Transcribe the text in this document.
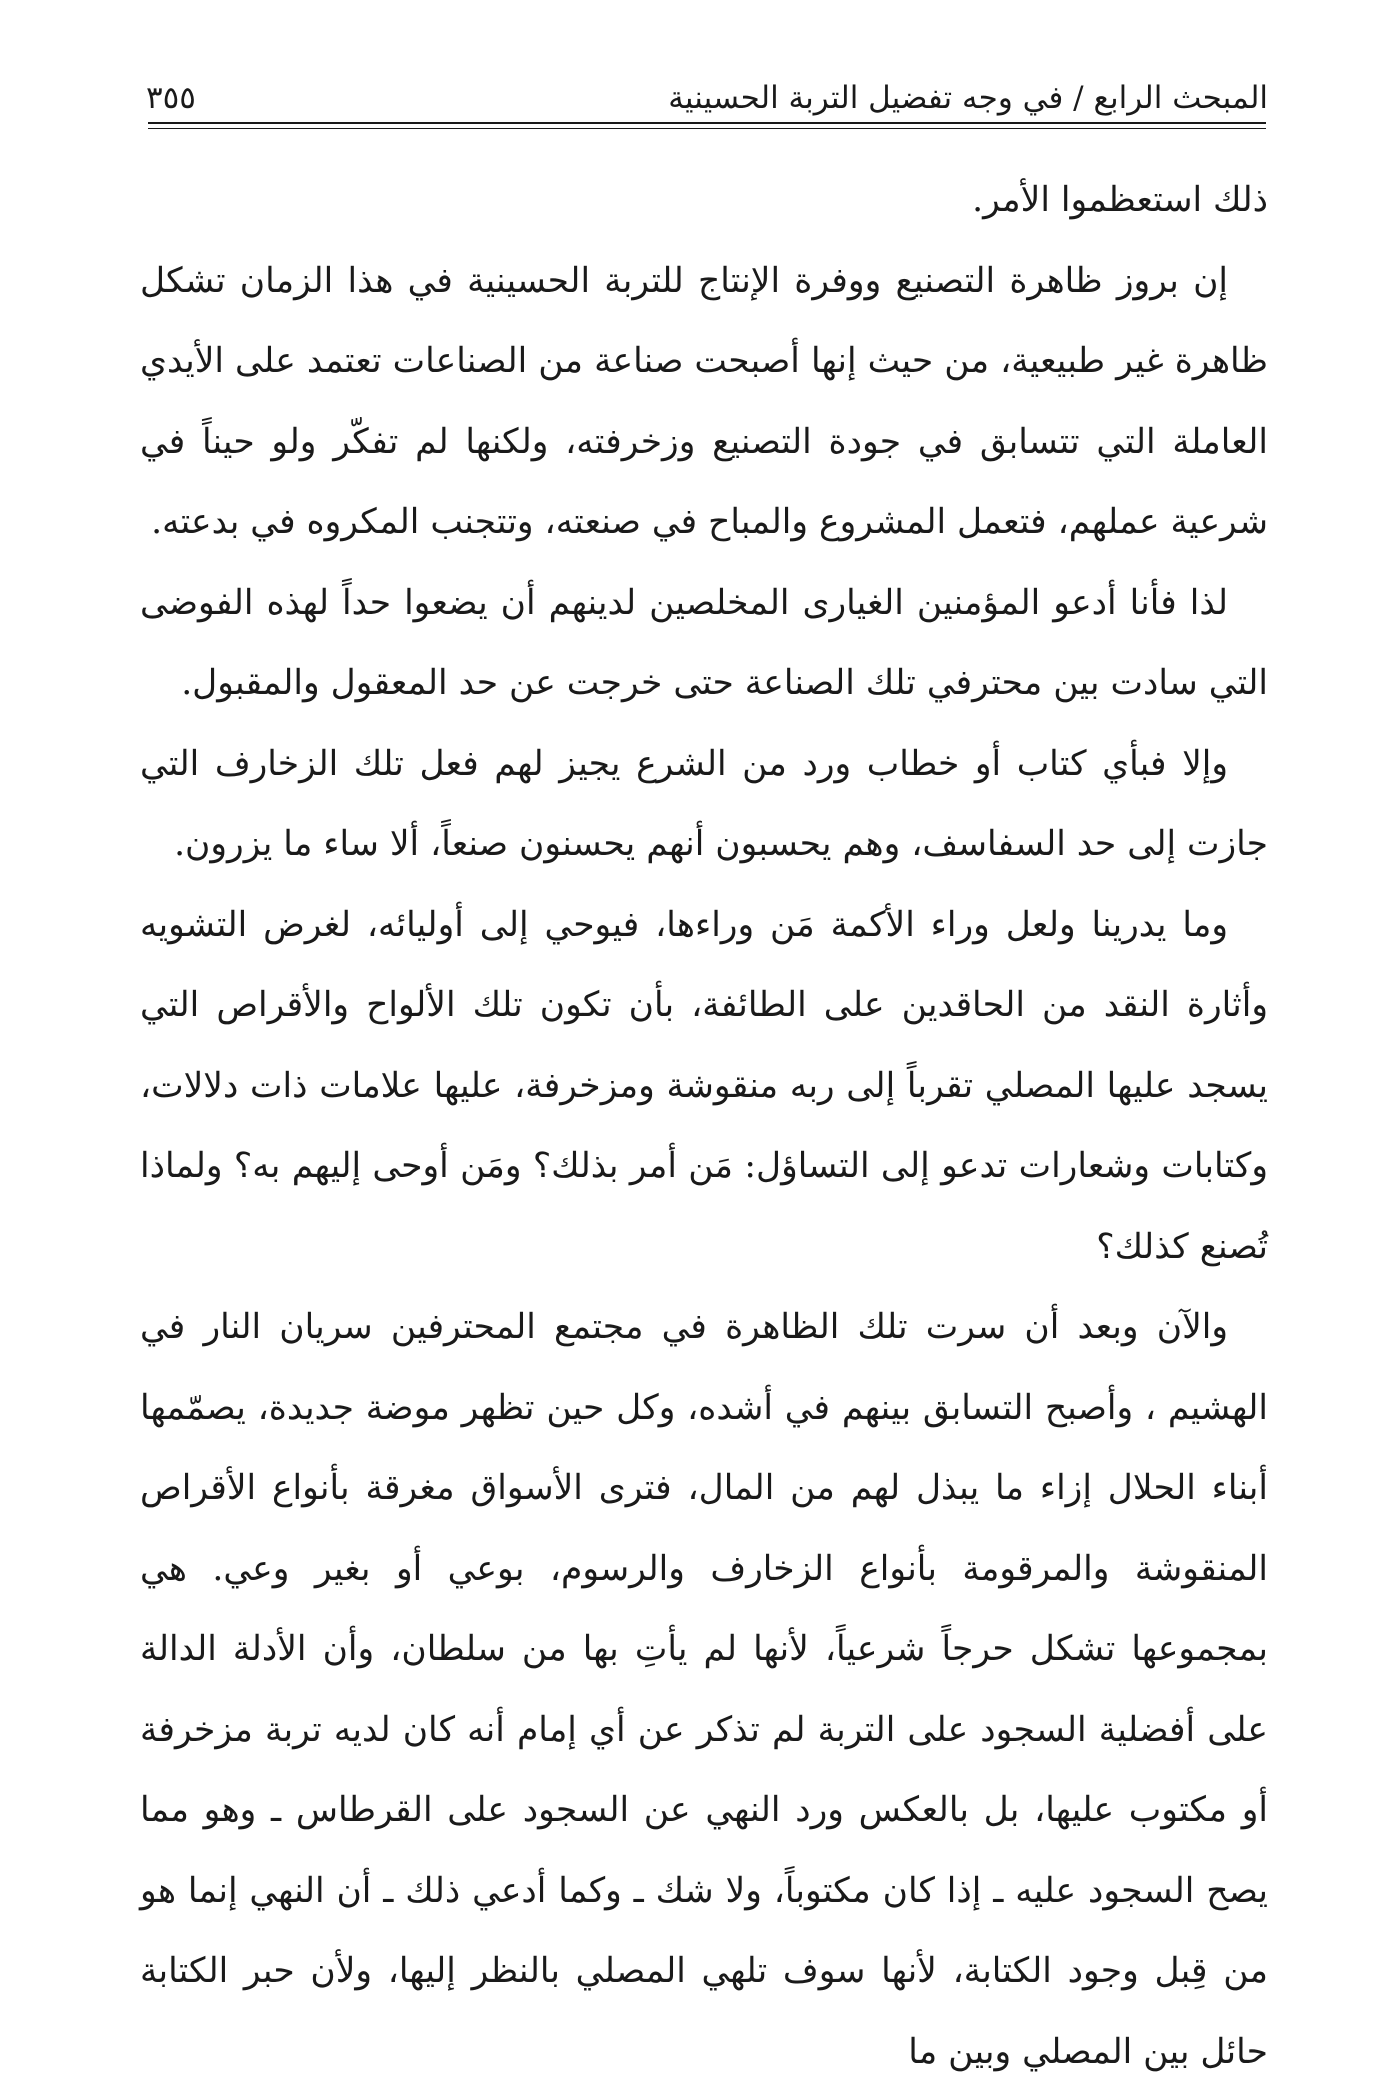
المبحث الرابع / في وجه تفضيل التربة الحسينية
٣٥٥

ذلك استعظموا الأمر.

إن بروز ظاهرة التصنيع ووفرة الإنتاج للتربة الحسينية في هذا الزمان تشكل ظاهرة غير طبيعية، من حيث إنها أصبحت صناعة من الصناعات تعتمد على الأيدي العاملة التي تتسابق في جودة التصنيع وزخرفته، ولكنها لم تفكّر ولو حيناً في شرعية عملهم، فتعمل المشروع والمباح في صنعته، وتتجنب المكروه في بدعته.

لذا فأنا أدعو المؤمنين الغيارى المخلصين لدينهم أن يضعوا حداً لهذه الفوضى التي سادت بين محترفي تلك الصناعة حتى خرجت عن حد المعقول والمقبول.

وإلا فبأي كتاب أو خطاب ورد من الشرع يجيز لهم فعل تلك الزخارف التي جازت إلى حد السفاسف، وهم يحسبون أنهم يحسنون صنعاً، ألا ساء ما يزرون.

وما يدرينا ولعل وراء الأكمة مَن وراءها، فيوحي إلى أوليائه، لغرض التشويه وأثارة النقد من الحاقدين على الطائفة، بأن تكون تلك الألواح والأقراص التي يسجد عليها المصلي تقرباً إلى ربه منقوشة ومزخرفة، عليها علامات ذات دلالات، وكتابات وشعارات تدعو إلى التساؤل: مَن أمر بذلك؟ ومَن أوحى إليهم به؟ ولماذا تُصنع كذلك؟

والآن وبعد أن سرت تلك الظاهرة في مجتمع المحترفين سريان النار في الهشيم ، وأصبح التسابق بينهم في أشده، وكل حين تظهر موضة جديدة، يصمّمها أبناء الحلال إزاء ما يبذل لهم من المال، فترى الأسواق مغرقة بأنواع الأقراص المنقوشة والمرقومة بأنواع الزخارف والرسوم، بوعي أو بغير وعي. هي بمجموعها تشكل حرجاً شرعياً، لأنها لم يأتِ بها من سلطان، وأن الأدلة الدالة على أفضلية السجود على التربة لم تذكر عن أي إمام أنه كان لديه تربة مزخرفة أو مكتوب عليها، بل بالعكس ورد النهي عن السجود على القرطاس ـ وهو مما يصح السجود عليه ـ إذا كان مكتوباً، ولا شك ـ وكما أدعي ذلك ـ أن النهي إنما هو من قِبل وجود الكتابة، لأنها سوف تلهي المصلي بالنظر إليها، ولأن حبر الكتابة حائل بين المصلي وبين ما
